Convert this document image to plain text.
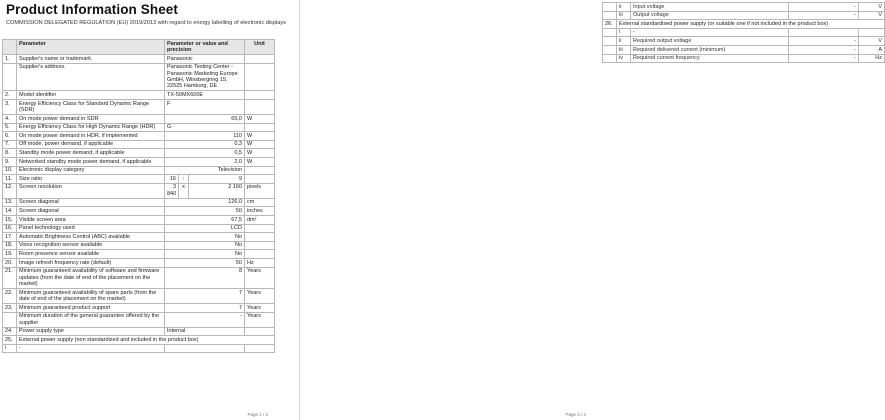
Product Information Sheet
COMMISSION DELEGATED REGULATION (EU) 2019/2013 with regard to energy labelling of electronic displays
	Parameter	Parameter or value and precision			Unit
1.	Supplier's name or trademark.	Panasonic			
	Supplier's address.	Panasonic Testing Center - Panasonic Marketing Europe GmbH, Winsbergring 15, 22525 Hamburg, DE			
2.	Model identifier	TX-50MX600E			
3.	Energy Efficiency Class for Standard Dynamic Range (SDR)	F			
4.	On mode power demand in SDR	65,0			W
5.	Energy Efficiency Class for High Dynamic Range (HDR)	G			
6.	On mode power demand in HDR, if implemented	110			W
7.	Off mode, power demand, if applicable	0,3			W
8.	Standby mode power demand, if applicable	0,5			W
9.	Networked standby mode power demand, if applicable	2,0			W
10.	Electronic display category	Television			
11.	Size ratio	16	:	9	
12.	Screen resolution	3 840	x	2 160	pixels
13.	Screen diagonal	126,0			cm
14.	Screen diagonal	50			inches
15.	Visible screen area	67,5			dm²
16.	Panel technology used	LCD			
17.	Automatic Brightness Control (ABC) available	No			
18.	Voice recognition sensor available	No			
19.	Room presence sensor available	No			
20.	Image refresh frequency rate (default)	50			Hz
21.	Minimum guaranteed availability of software and firmware updates (from the date of end of the placement on the market)	8			Years
22.	Minimum guaranteed availability of spare parts (from the date of end of the placement on the market)	7			Years
23.	Minimum guaranteed product support	7			Years
	Minimum duration of the general guarantee offered by the supplier	-			Years
24.	Power supply type	Internal			
25.	External power supply (non standardized and included in the product box)				
i	-				
Page 1 / 2
	ii	Input voltage	-	V
	iii	Output voltage	-	V
26.	External standardised power supply (or suitable one if not included in the product box)			
	i	-		
	ii	Required output voltage	-	V
	iii	Required delivered current (minimum)	-	A
	iv	Required current frequency	-	Hz
Page 2 / 2
